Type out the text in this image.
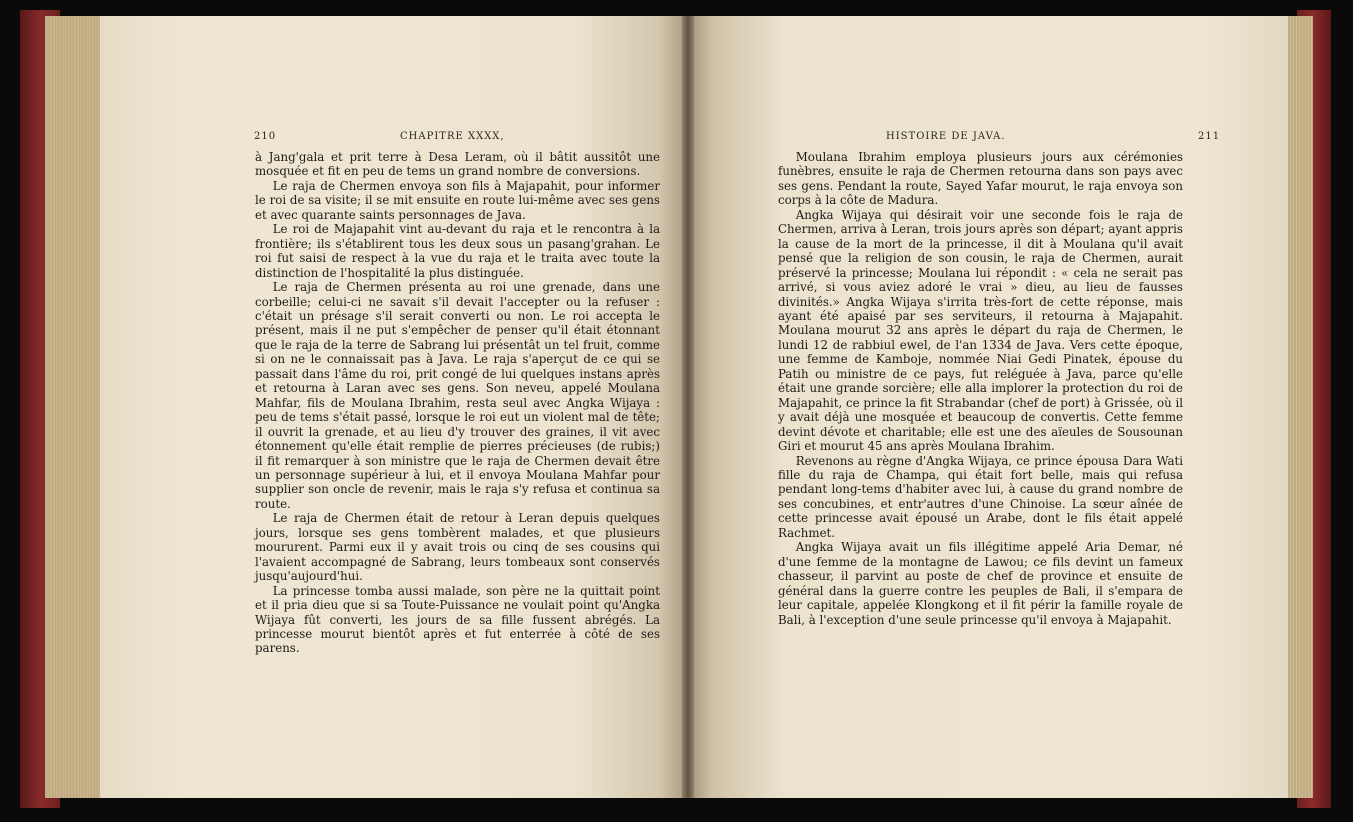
210	CHAPITRE XXXX,

à Jang'gala et prit terre à Desa Leram, où il bâtit aussitôt une mosquée et fit en peu de tems un grand nombre de conversions.

Le raja de Chermen envoya son fils à Majapahit, pour informer le roi de sa visite; il se mit ensuite en route lui-même avec ses gens et avec quarante saints personnages de Java.

Le roi de Majapahit vint au-devant du raja et le rencontra à la frontière; ils s'établirent tous les deux sous un pasang'grahan. Le roi fut saisi de respect à la vue du raja et le traita avec toute la distinction de l'hospitalité la plus distinguée.

Le raja de Chermen présenta au roi une grenade, dans une corbeille; celui-ci ne savait s'il devait l'accepter ou la refuser : c'était un présage s'il serait converti ou non. Le roi accepta le présent, mais il ne put s'empêcher de penser qu'il était étonnant que le raja de la terre de Sabrang lui présentât un tel fruit, comme si on ne le connaissait pas à Java. Le raja s'aperçut de ce qui se passait dans l'âme du roi, prit congé de lui quelques instans après et retourna à Laran avec ses gens. Son neveu, appelé Moulana Mahfar, fils de Moulana Ibrahim, resta seul avec Angka Wijaya : peu de tems s'était passé, lorsque le roi eut un violent mal de tête; il ouvrit la grenade, et au lieu d'y trouver des graines, il vit avec étonnement qu'elle était remplie de pierres précieuses (de rubis;) il fit remarquer à son ministre que le raja de Chermen devait être un personnage supérieur à lui, et il envoya Moulana Mahfar pour supplier son oncle de revenir, mais le raja s'y refusa et continua sa route.

Le raja de Chermen était de retour à Leran depuis quelques jours, lorsque ses gens tombèrent malades, et que plusieurs moururent. Parmi eux il y avait trois ou cinq de ses cousins qui l'avaient accompagné de Sabrang, leurs tombeaux sont conservés jusqu'aujourd'hui.

La princesse tomba aussi malade, son père ne la quittait point et il pria dieu que si sa Toute-Puissance ne voulait point qu'Angka Wijaya fût converti, les jours de sa fille fussent abrégés. La princesse mourut bientôt après et fut enterrée à côté de ses parens.

HISTOIRE DE JAVA.	211

Moulana Ibrahim employa plusieurs jours aux cérémonies funèbres, ensuite le raja de Chermen retourna dans son pays avec ses gens. Pendant la route, Sayed Yafar mourut, le raja envoya son corps à la côte de Madura.

Angka Wijaya qui désirait voir une seconde fois le raja de Chermen, arriva à Leran, trois jours après son départ; ayant appris la cause de la mort de la princesse, il dit à Moulana qu'il avait pensé que la religion de son cousin, le raja de Chermen, aurait préservé la princesse; Moulana lui répondit : « cela ne serait pas arrivé, si vous aviez adoré le vrai » dieu, au lieu de fausses divinités.» Angka Wijaya s'irrita très-fort de cette réponse, mais ayant été apaisé par ses serviteurs, il retourna à Majapahit. Moulana mourut 32 ans après le départ du raja de Chermen, le lundi 12 de rabbiul ewel, de l'an 1334 de Java. Vers cette époque, une femme de Kamboje, nommée Niai Gedi Pinatek, épouse du Patih ou ministre de ce pays, fut reléguée à Java, parce qu'elle était une grande sorcière; elle alla implorer la protection du roi de Majapahit, ce prince la fit Strabandar (chef de port) à Grissée, où il y avait déjà une mosquée et beaucoup de convertis. Cette femme devint dévote et charitable; elle est une des aïeules de Sousounan Giri et mourut 45 ans après Moulana Ibrahim.

Revenons au règne d'Angka Wijaya, ce prince épousa Dara Wati fille du raja de Champa, qui était fort belle, mais qui refusa pendant long-tems d'habiter avec lui, à cause du grand nombre de ses concubines, et entr'autres d'une Chinoise. La sœur aînée de cette princesse avait épousé un Arabe, dont le fils était appelé Rachmet.

Angka Wijaya avait un fils illégitime appelé Aria Demar, né d'une femme de la montagne de Lawou; ce fils devint un fameux chasseur, il parvint au poste de chef de province et ensuite de général dans la guerre contre les peuples de Bali, il s'empara de leur capitale, appelée Klongkong et il fit périr la famille royale de Bali, à l'exception d'une seule princesse qu'il envoya à Majapahit.
